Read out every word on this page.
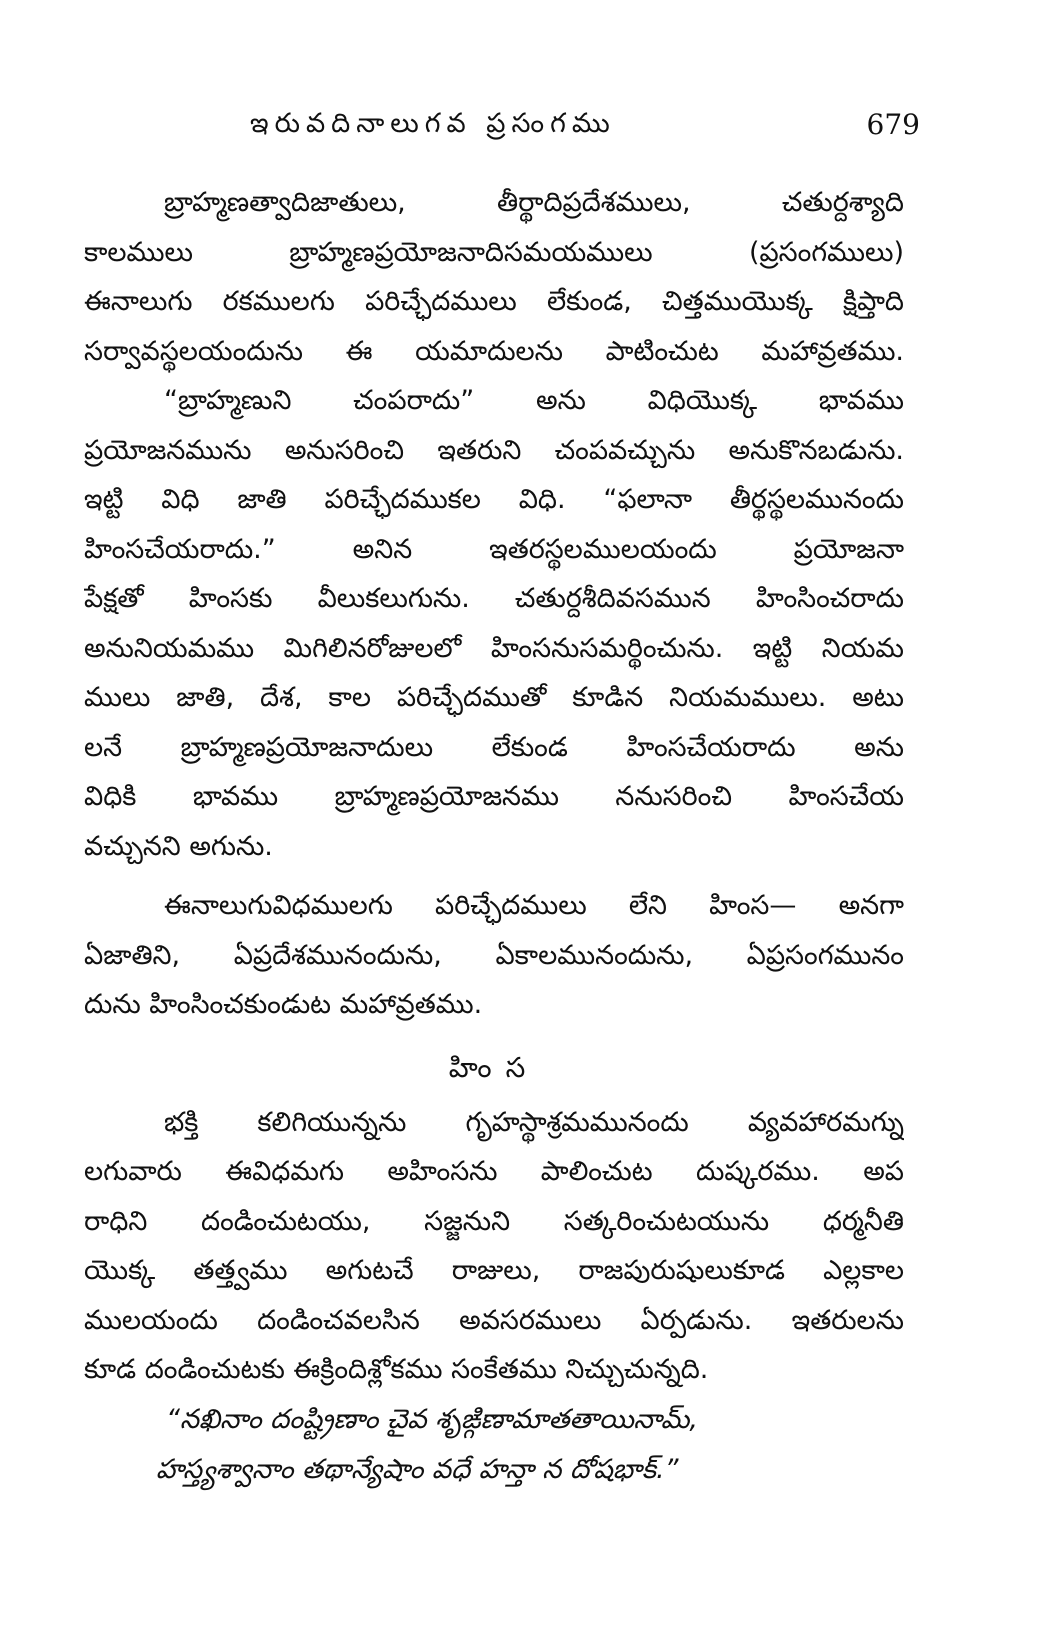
ఇరువదినాలుగవ ప్రసంగము	679

బ్రాహ్మణత్వాదిజాతులు, తీర్థాదిప్రదేశములు, చతుర్దశ్యాది

కాలములు బ్రాహ్మణప్రయోజనాదిసమయములు (ప్రసంగములు)

ఈనాలుగు రకములగు పరిచ్ఛేదములు లేకుండ, చిత్తముయొక్క క్షిప్తాది

సర్వావస్థలయందును ఈ యమాదులను పాటించుట మహావ్రతము.

“బ్రాహ్మణుని చంపరాదు” అను విధియొక్క భావము

ప్రయోజనమును అనుసరించి ఇతరుని చంపవచ్చును అనుకొనబడును.

ఇట్టి విధి జాతి పరిచ్ఛేదముకల విధి. “ఫలానా తీర్థస్థలమునందు

హింసచేయరాదు.” అనిన ఇతరస్థలములయందు ప్రయోజనా

పేక్షతో హింసకు వీలుకలుగును. చతుర్దశీదివసమున హింసించరాదు

అనునియమము మిగిలినరోజులలో హింసనుసమర్థించును. ఇట్టి నియమ

ములు జాతి, దేశ, కాల పరిచ్ఛేదముతో కూడిన నియమములు. అటు

లనే బ్రాహ్మణప్రయోజనాదులు లేకుండ హింసచేయరాదు అను

విధికి భావము బ్రాహ్మణప్రయోజనము ననుసరించి హింసచేయ

వచ్చునని అగును.

ఈనాలుగువిధములగు పరిచ్ఛేదములు లేని హింస— అనగా

ఏజాతిని, ఏప్రదేశమునందును, ఏకాలమునందును, ఏప్రసంగమునం

దును హింసించకుండుట మహావ్రతము.

హింస

భక్తి కలిగియున్నను గృహస్థాశ్రమమునందు వ్యవహారమగ్ను

లగువారు ఈవిధమగు అహింసను పాలించుట దుష్కరము. అప

రాధిని దండించుటయు, సజ్జనుని సత్కరించుటయును ధర్మనీతి

యొక్క తత్త్వము అగుటచే రాజులు, రాజపురుషులుకూడ ఎల్లకాల

ములయందు దండించవలసిన అవసరములు ఏర్పడును. ఇతరులను

కూడ దండించుటకు ఈక్రిందిశ్లోకము సంకేతము నిచ్చుచున్నది.

“నఖినాం దంష్ట్రిణాం చైవ శృఙ్గిణామాతతాయినామ్,

హస్త్యశ్వానాం తథాన్యేషాం వధే హన్తా న దోషభాక్.”
